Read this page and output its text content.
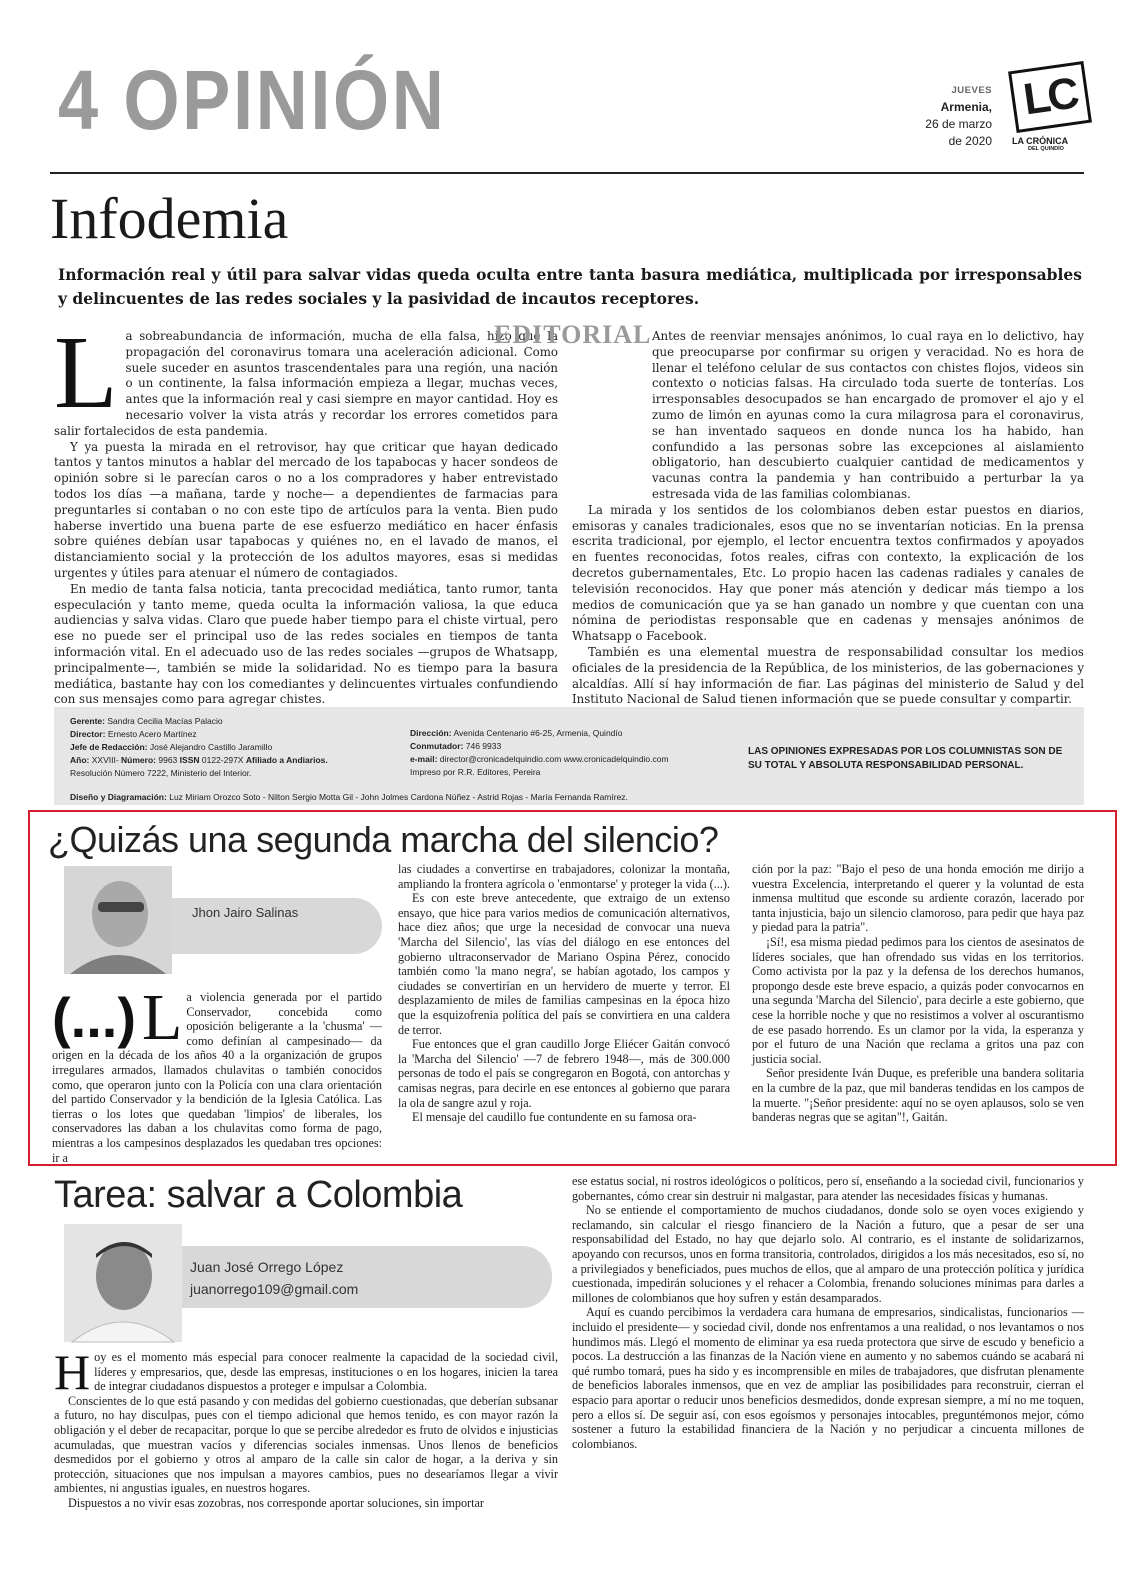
4 OPINIÓN	JUEVES
Armenia,
26 de marzo
de 2020
LC
LA CRÓNICA
DEL QUINDÍO
Infodemia
Información real y útil para salvar vidas queda oculta entre tanta basura mediática, multiplicada por irresponsables y delincuentes de las redes sociales y la pasividad de incautos receptores.
L a sobreabundancia de información, mucha de ella falsa, hizo que la propagación del coronavirus tomara una aceleración adicional. Como suele suceder en asuntos trascendentales para una región, una nación o un continente, la falsa información empieza a llegar, muchas veces, antes que la información real y casi siempre en mayor cantidad. Hoy es necesario volver la vista atrás y recordar los errores cometidos para salir fortalecidos de esta pandemia.

Y ya puesta la mirada en el retrovisor, hay que criticar que hayan dedicado tantos y tantos minutos a hablar del mercado de los tapabocas y hacer sondeos de opinión sobre si le parecían caros o no a los compradores y haber entrevistado todos los días —a mañana, tarde y noche— a dependientes de farmacias para preguntarles si contaban o no con este tipo de artículos para la venta. Bien pudo haberse invertido una buena parte de ese esfuerzo mediático en hacer énfasis sobre quiénes debían usar tapabocas y quiénes no, en el lavado de manos, el distanciamiento social y la protección de los adultos mayores, esas si medidas urgentes y útiles para atenuar el número de contagiados.

En medio de tanta falsa noticia, tanta precocidad mediática, tanto rumor, tanta especulación y tanto meme, queda oculta la información valiosa, la que educa audiencias y salva vidas. Claro que puede haber tiempo para el chiste virtual, pero ese no puede ser el principal uso de las redes sociales en tiempos de tanta información vital. En el adecuado uso de las redes sociales —grupos de Whatsapp, principalmente—, también se mide la solidaridad. No es tiempo para la basura mediática, bastante hay con los comediantes y delincuentes virtuales confundiendo con sus mensajes como para agregar chistes.

EDITORIAL Antes de reenviar mensajes anónimos, lo cual raya en lo delictivo, hay que preocuparse por confirmar su origen y veracidad. No es hora de llenar el teléfono celular de sus contactos con chistes flojos, videos sin contexto o noticias falsas. Ha circulado toda suerte de tonterías. Los irresponsables desocupados se han encargado de promover el ajo y el zumo de limón en ayunas como la cura milagrosa para el coronavirus, se han inventado saqueos en donde nunca los ha habido, han confundido a las personas sobre las excepciones al aislamiento obligatorio, han descubierto cualquier cantidad de medicamentos y vacunas contra la pandemia y han contribuido a perturbar la ya estresada vida de las familias colombianas.

La mirada y los sentidos de los colombianos deben estar puestos en diarios, emisoras y canales tradicionales, esos que no se inventarían noticias. En la prensa escrita tradicional, por ejemplo, el lector encuentra textos confirmados y apoyados en fuentes reconocidas, fotos reales, cifras con contexto, la explicación de los decretos gubernamentales, Etc. Lo propio hacen las cadenas radiales y canales de televisión reconocidos. Hay que poner más atención y dedicar más tiempo a los medios de comunicación que ya se han ganado un nombre y que cuentan con una nómina de periodistas responsable que en cadenas y mensajes anónimos de Whatsapp o Facebook.

También es una elemental muestra de responsabilidad consultar los medios oficiales de la presidencia de la República, de los ministerios, de las gobernaciones y alcaldías. Allí sí hay información de fiar. Las páginas del ministerio de Salud y del Instituto Nacional de Salud tienen información que se puede consultar y compartir.

Gerente: Sandra Cecilia Macías Palacio
Director: Ernesto Acero Martínez
Jefe de Redacción: José Alejandro Castillo Jaramillo
Año: XXVIII- Número: 9963 ISSN 0122-297X Afiliado a Andiarios.
Resolución Número 7222, Ministerio del Interior.
Dirección: Avenida Centenario #6-25, Armenia, Quindío
Conmutador: 746 9933
e-mail: director@cronicadelquindio.com www.cronicadelquindio.com
Impreso por R.R. Editores, Pereira
LAS OPINIONES EXPRESADAS POR LOS COLUMNISTAS SON DE SU TOTAL Y ABSOLUTA RESPONSABILIDAD PERSONAL.
Diseño y Diagramación: Luz Miriam Orozco Soto - Nilton Sergio Motta Gil - John Jolmes Cardona Núñez - Astrid Rojas - María Fernanda Ramírez.
¿Quizás una segunda marcha del silencio?
Jhon Jairo Salinas
(...) L a violencia generada por el partido Conservador, concebida como oposición beligerante a la 'chusma' —como definían al campesinado— da origen en la década de los años 40 a la organización de grupos irregulares armados, llamados chulavitas o también conocidos como, que operaron junto con la Policía con una clara orientación del partido Conservador y la bendición de la Iglesia Católica. Las tierras o los lotes que quedaban 'limpios' de liberales, los conservadores las daban a los chulavitas como forma de pago, mientras a los campesinos desplazados les quedaban tres opciones: ir a

las ciudades a convertirse en trabajadores, colonizar la montaña, ampliando la frontera agrícola o 'enmontarse' y proteger la vida (...).

Es con este breve antecedente, que extraigo de un extenso ensayo, que hice para varios medios de comunicación alternativos, hace diez años; que urge la necesidad de convocar una nueva 'Marcha del Silencio', las vías del diálogo en ese entonces del gobierno ultraconservador de Mariano Ospina Pérez, conocido también como 'la mano negra', se habían agotado, los campos y ciudades se convertirían en un hervidero de muerte y terror. El desplazamiento de miles de familias campesinas en la época hizo que la esquizofrenia política del país se convirtiera en una caldera de terror.

Fue entonces que el gran caudillo Jorge Eliécer Gaitán convocó la 'Marcha del Silencio' —7 de febrero 1948—, más de 300.000 personas de todo el país se congregaron en Bogotá, con antorchas y camisas negras, para decirle en ese entonces al gobierno que parara la ola de sangre azul y roja.

El mensaje del caudillo fue contundente en su famosa ora-

ción por la paz: "Bajo el peso de una honda emoción me dirijo a vuestra Excelencia, interpretando el querer y la voluntad de esta inmensa multitud que esconde su ardiente corazón, lacerado por tanta injusticia, bajo un silencio clamoroso, para pedir que haya paz y piedad para la patria".

¡Sí!, esa misma piedad pedimos para los cientos de asesinatos de líderes sociales, que han ofrendado sus vidas en los territorios. Como activista por la paz y la defensa de los derechos humanos, propongo desde este breve espacio, a quizás poder convocarnos en una segunda 'Marcha del Silencio', para decirle a este gobierno, que cese la horrible noche y que no resistimos a volver al oscurantismo de ese pasado horrendo. Es un clamor por la vida, la esperanza y por el futuro de una Nación que reclama a gritos una paz con justicia social.

Señor presidente Iván Duque, es preferible una bandera solitaria en la cumbre de la paz, que mil banderas tendidas en los campos de la muerte. "¡Señor presidente: aquí no se oyen aplausos, solo se ven banderas negras que se agitan"!, Gaitán.

Tarea: salvar a Colombia
Juan José Orrego López
juanorrego109@gmail.com
H oy es el momento más especial para conocer realmente la capacidad de la sociedad civil, líderes y empresarios, que, desde las empresas, instituciones o en los hogares, inicien la tarea de integrar ciudadanos dispuestos a proteger e impulsar a Colombia.

Conscientes de lo que está pasando y con medidas del gobierno cuestionadas, que deberían subsanar a futuro, no hay disculpas, pues con el tiempo adicional que hemos tenido, es con mayor razón la obligación y el deber de recapacitar, porque lo que se percibe alrededor es fruto de olvidos e injusticias acumuladas, que muestran vacíos y diferencias sociales inmensas. Unos llenos de beneficios desmedidos por el gobierno y otros al amparo de la calle sin calor de hogar, a la deriva y sin protección, situaciones que nos impulsan a mayores cambios, pues no desearíamos llegar a vivir ambientes, ni angustias iguales, en nuestros hogares.

Dispuestos a no vivir esas zozobras, nos corresponde aportar soluciones, sin importar

ese estatus social, ni rostros ideológicos o políticos, pero sí, enseñando a la sociedad civil, funcionarios y gobernantes, cómo crear sin destruir ni malgastar, para atender las necesidades físicas y humanas.

No se entiende el comportamiento de muchos ciudadanos, donde solo se oyen voces exigiendo y reclamando, sin calcular el riesgo financiero de la Nación a futuro, que a pesar de ser una responsabilidad del Estado, no hay que dejarlo solo. Al contrario, es el instante de solidarizarnos, apoyando con recursos, unos en forma transitoria, controlados, dirigidos a los más necesitados, eso sí, no a privilegiados y beneficiados, pues muchos de ellos, que al amparo de una protección política y jurídica cuestionada, impedirán soluciones y el rehacer a Colombia, frenando soluciones mínimas para darles a millones de colombianos que hoy sufren y están desamparados.

Aquí es cuando percibimos la verdadera cara humana de empresarios, sindicalistas, funcionarios —incluido el presidente— y sociedad civil, donde nos enfrentamos a una realidad, o nos levantamos o nos hundimos más. Llegó el momento de eliminar ya esa rueda protectora que sirve de escudo y beneficio a pocos. La destrucción a las finanzas de la Nación viene en aumento y no sabemos cuándo se acabará ni qué rumbo tomará, pues ha sido y es incomprensible en miles de trabajadores, que disfrutan plenamente de beneficios laborales inmensos, que en vez de ampliar las posibilidades para reconstruir, cierran el espacio para aportar o reducir unos beneficios desmedidos, donde expresan siempre, a mí no me toquen, pero a ellos sí. De seguir así, con esos egoísmos y personajes intocables, preguntémonos mejor, cómo sostener a futuro la estabilidad financiera de la Nación y no perjudicar a cincuenta millones de colombianos.
